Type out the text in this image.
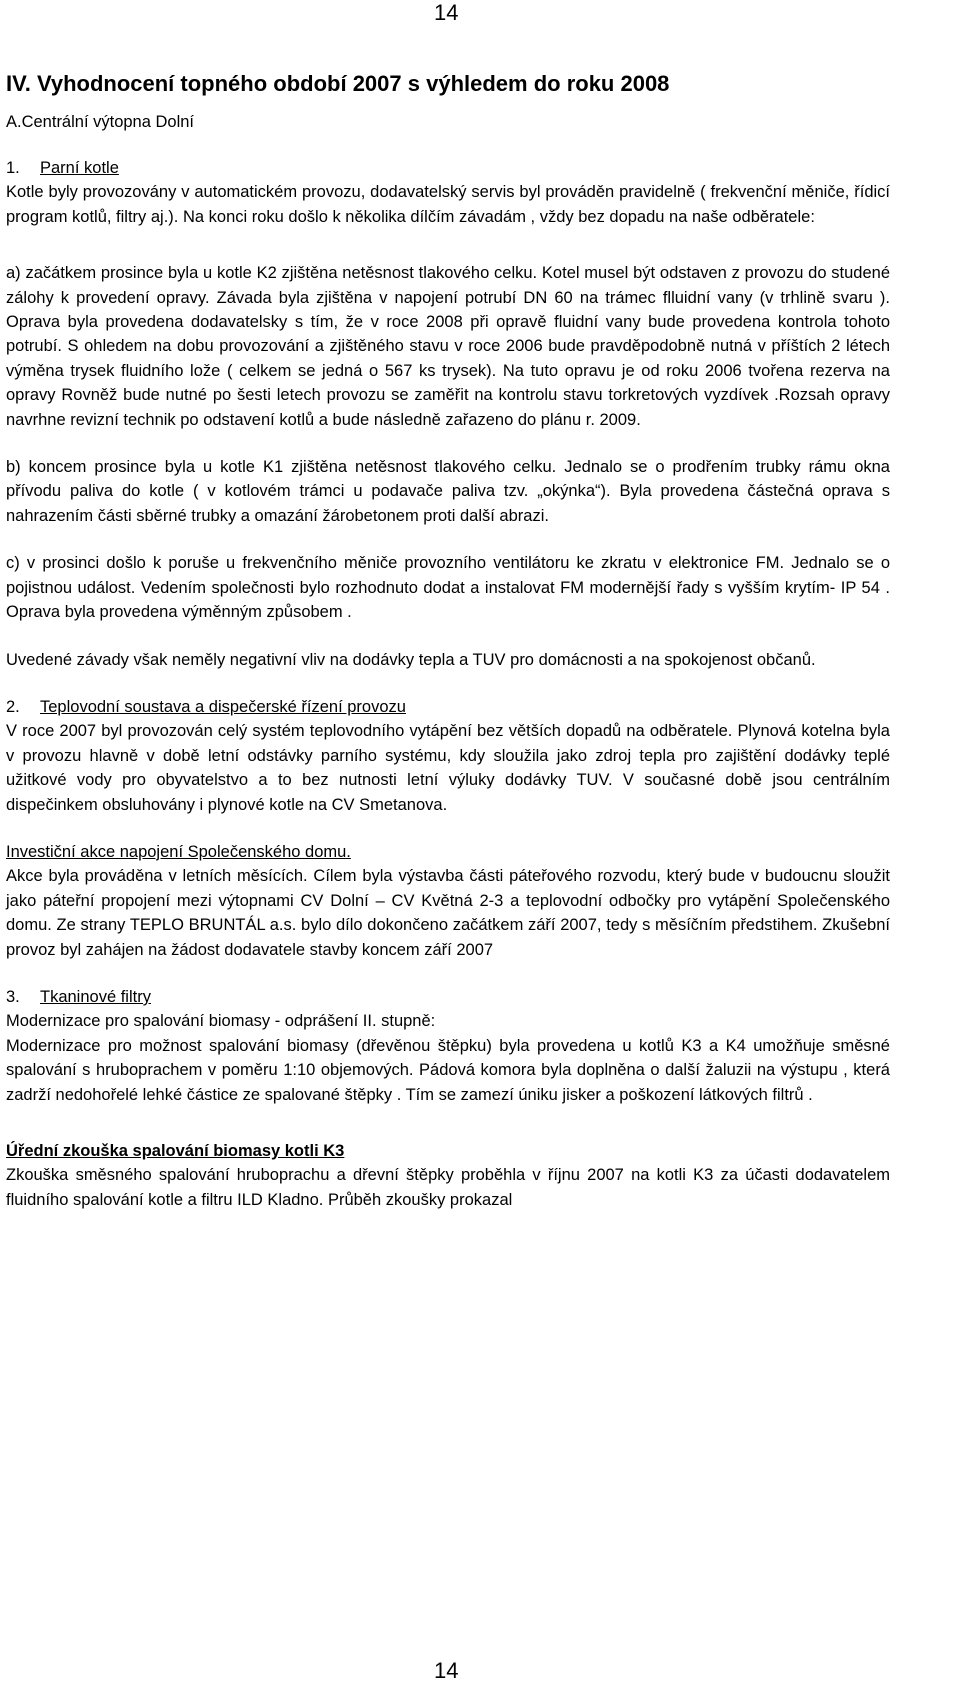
14
IV. Vyhodnocení topného období 2007 s výhledem do roku 2008
A.Centrální výtopna Dolní
1. Parní kotle

Kotle byly provozovány v automatickém provozu, dodavatelský servis byl prováděn pravidelně ( frekvenční měniče, řídicí program kotlů, filtry aj.). Na konci roku došlo k několika dílčím závadám , vždy bez dopadu na naše odběratele:

a) začátkem prosince byla u kotle K2 zjištěna netěsnost tlakového celku. Kotel musel být odstaven z provozu do studené zálohy k provedení opravy. Závada byla zjištěna v napojení potrubí DN 60 na trámec flluidní vany (v trhlině svaru ). Oprava byla provedena dodavatelsky s tím, že v roce 2008 při opravě fluidní vany bude provedena kontrola tohoto potrubí. S ohledem na dobu provozování a zjištěného stavu v roce 2006 bude pravděpodobně nutná v příštích 2 létech výměna trysek fluidního lože ( celkem se jedná o 567 ks trysek). Na tuto opravu je od roku 2006 tvořena rezerva na opravy Rovněž bude nutné po šesti letech provozu se zaměřit na kontrolu stavu torkretových vyzdívek .Rozsah opravy navrhne revizní technik po odstavení kotlů a bude následně zařazeno do plánu r. 2009.

b) koncem prosince byla u kotle K1 zjištěna netěsnost tlakového celku. Jednalo se o prodřením trubky rámu okna přívodu paliva do kotle ( v kotlovém trámci u podavače paliva tzv. „okýnka“). Byla provedena částečná oprava s nahrazením části sběrné trubky a omazání žárobetonem proti další abrazi.

c) v prosinci došlo k poruše u frekvenčního měniče provozního ventilátoru ke zkratu v elektronice FM. Jednalo se o pojistnou událost. Vedením společnosti bylo rozhodnuto dodat a instalovat FM modernější řady s vyšším krytím- IP 54 . Oprava byla provedena výměnným způsobem .

Uvedené závady však neměly negativní vliv na dodávky tepla a TUV pro domácnosti a na spokojenost občanů.

2. Teplovodní soustava a dispečerské řízení provozu

V roce 2007 byl provozován celý systém teplovodního vytápění bez větších dopadů na odběratele. Plynová kotelna byla v provozu hlavně v době letní odstávky parního systému, kdy sloužila jako zdroj tepla pro zajištění dodávky teplé užitkové vody pro obyvatelstvo a to bez nutnosti letní výluky dodávky TUV. V současné době jsou centrálním dispečinkem obsluhovány i plynové kotle na CV Smetanova.

Investiční akce napojení Společenského domu.

Akce byla prováděna v letních měsících. Cílem byla výstavba části páteřového rozvodu, který bude v budoucnu sloužit jako páteřní propojení mezi výtopnami CV Dolní – CV Květná 2-3 a teplovodní odbočky pro vytápění Společenského domu. Ze strany TEPLO BRUNTÁL a.s. bylo dílo dokončeno začátkem září 2007, tedy s měsíčním předstihem. Zkušební provoz byl zahájen na žádost dodavatele stavby koncem září 2007

3. Tkaninové filtry

Modernizace pro spalování biomasy - odprášení II. stupně:

Modernizace pro možnost spalování biomasy (dřevěnou štěpku) byla provedena u kotlů K3 a K4 umožňuje směsné spalování s hruboprachem v poměru 1:10 objemových. Pádová komora byla doplněna o další žaluzii na výstupu , která zadrží nedohořelé lehké částice ze spalované štěpky . Tím se zamezí úniku jisker a poškození látkových filtrů .

Úřední zkouška spalování biomasy kotli K3

Zkouška směsného spalování hruboprachu a dřevní štěpky proběhla v říjnu 2007 na kotli K3 za účasti dodavatelem fluidního spalování kotle a filtru ILD Kladno. Průběh zkoušky prokazal

14
